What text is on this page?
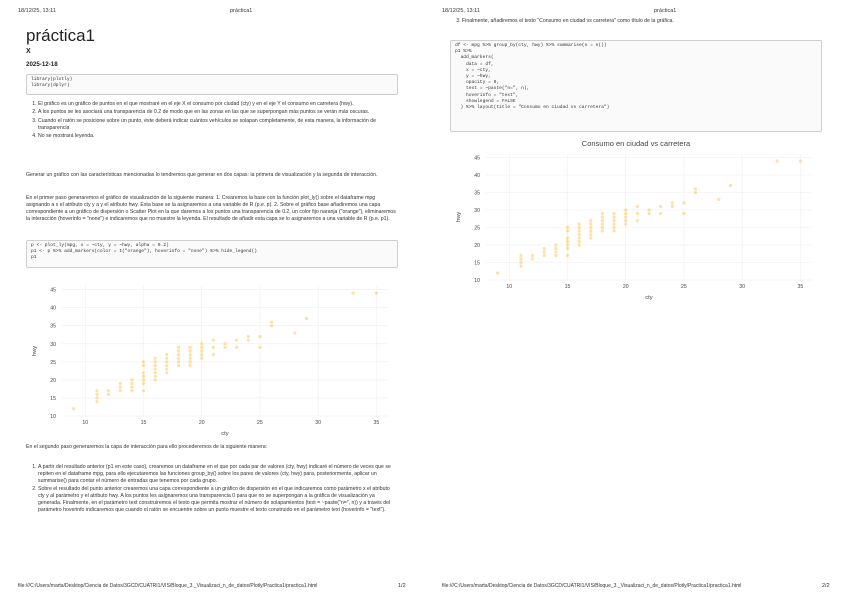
18/12/25, 13:11	práctica1
práctica1
X
2025-12-18
library(plotly)
library(dplyr)
1. El gráfico es un gráfico de puntos en el que mostraré en el eje X el consumo por ciudad (cty) y en el eje Y el consumo en carretera (hwy).
2. A los puntos se les asociará una transparencia de 0.2 de modo que en las zonas en las que se superpongan más puntos se verán más oscuras.
3. Cuando el ratón se posicione sobre un punto, éste deberá indicar cuántos vehículos se solapan completamente, de esta manera, la información de transparencia
4. No se mostrará leyenda.
Generar un gráfico con las características mencionadas lo tendremos que generar en dos capas: la primera de visualización y la segunda de interacción.
En el primer paso generaremos el gráfico de visualización de la siguiente manera: 1. Crearemos la base con la función plot_ly() sobre el dataframe mpg asignando a x el atributo cty y a y el atributo hwy. Esta base se la asignaremos a una variable de R (p.e. p). 2. Sobre el gráfico base añadiremos una capa correspondiente a un gráfico de dispersión o Scatter Plot en la que daremos a los puntos una transparencia de 0.2, un color fijo naranja ("orange"), eliminaremos la interacción (hoverinfo = "none") e indicaremos que no muestre la leyenda. El resultado de añadir esta capa se lo asignaremos a una variable de R (p.e. p1).
p <- plot_ly(mpg, x = ~cty, y = ~hwy, alpha = 0.2)
p1 <- p %>% add_markers(color = I("orange"), hoverinfo = "none") %>% hide_legend()
p1
10
15
20
25
30
35
40
45
10	15	20	25	30	35
cty
hwy
En el segundo paso generaremos la capa de interacción para ello procederemos de la siguiente manera:
1. A partir del resultado anterior (p1 en este caso), crearemos un dataframe en el que por cada par de valores (cty, hwy) indicaré el número de veces que se repiten en el dataframe mpg, para ello ejecutaremos las funciones group_by() sobre los pares de valores (cty, hwy) para, posteriormente, aplicar un summarise() para contar el número de entradas que tenemos por cada grupo.
2. Sobre el resultado del punto anterior crearemos una capa correspondiente a un gráfico de dispersión en el que indicaremos como parámetro x el atributo cty y al parámetro y el atributo hwy. A los puntos les asignaremos una transparencia 0 para que no se superpongan a la gráfica de visualización ya generada. Finalmente, en el parámetro text construiremos el texto que permita mostrar el número de solapamientos (text = ~paste("n=", n)) y a través del parámetro hoverinfo indicaremos que cuando el ratón se encuentre sobre un punto muestre el texto construido en el parámetro text (hoverinfo = "text").
file:///C:/Users/marta/Desktop/Ciencia de Datos/3GCD/CUATRI1/VIS/Bloque_3._Visualizaci_n_de_datos/Plotly/Practica1/practica1.html	1/2
18/12/25, 13:11	práctica1
3. Finalmente, añadiremos el texto "Consumo en ciudad vs carretera" como título de la gráfica.
df <- mpg %>% group_by(cty, hwy) %>% summarise(n = n())
p1 %>%
add_markers(
data = df,
x = ~cty,
y = ~hwy,
opacity = 0,
text = ~paste("n=", n),
hoverinfo = "text",
showlegend = FALSE
) %>% layout(title = "Consumo en ciudad vs carretera")
Consumo en ciudad vs carretera
10
15
20
25
30
35
40
45
10	15	20	25	30	35
cty
hwy
file:///C:/Users/marta/Desktop/Ciencia de Datos/3GCD/CUATRI1/VIS/Bloque_3._Visualizaci_n_de_datos/Plotly/Practica1/practica1.html	2/2
